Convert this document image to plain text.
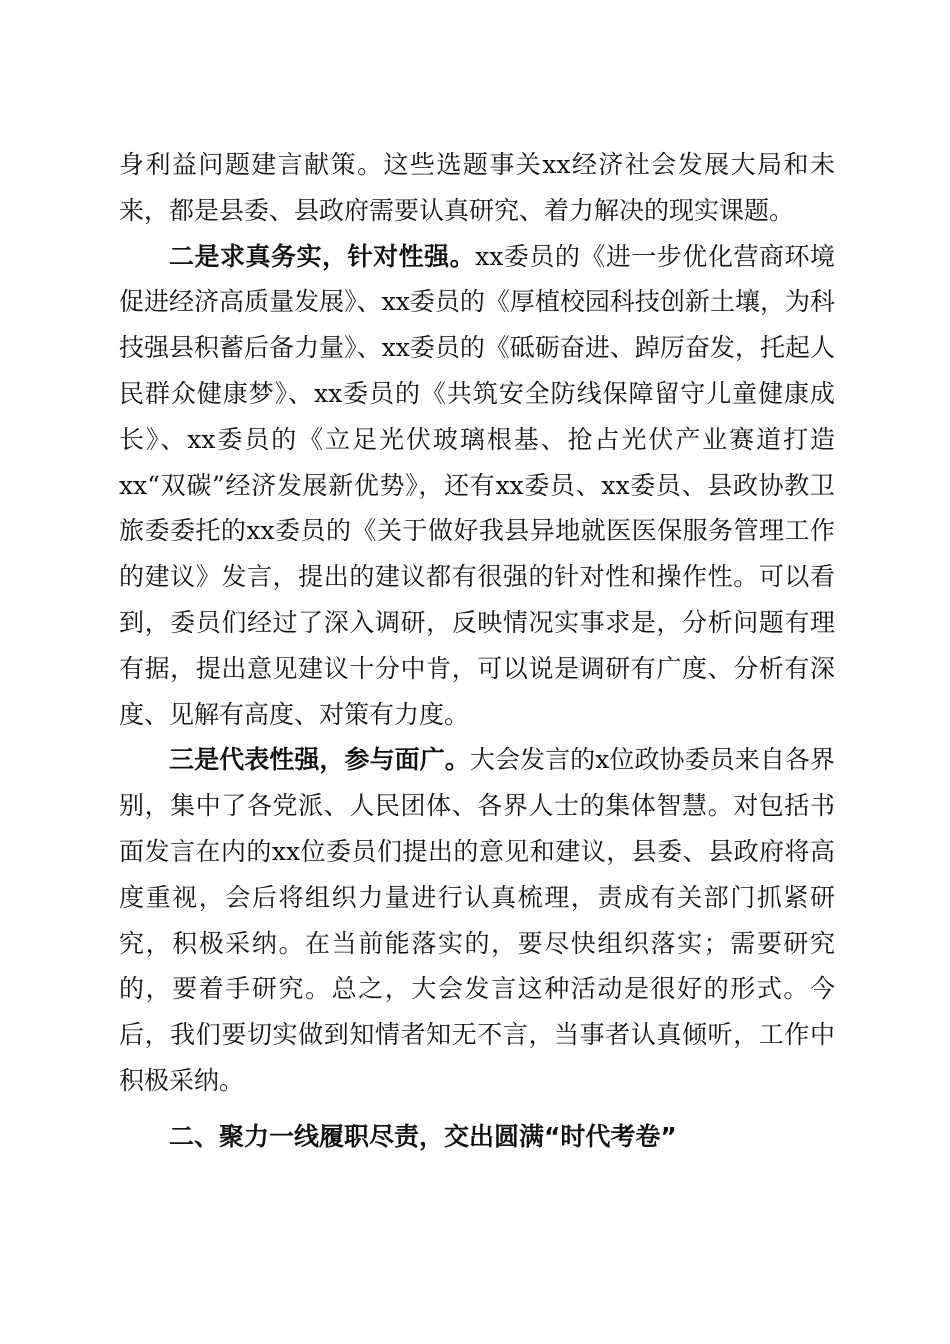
身利益问题建言献策。这些选题事关xx经济社会发展大局和未来，都是县委、县政府需要认真研究、着力解决的现实课题。

二是求真务实，针对性强。xx委员的《进一步优化营商环境促进经济高质量发展》、xx委员的《厚植校园科技创新土壤，为科技强县积蓄后备力量》、xx委员的《砥砺奋进、踔厉奋发，托起人民群众健康梦》、xx委员的《共筑安全防线保障留守儿童健康成长》、xx委员的《立足光伏玻璃根基、抢占光伏产业赛道打造xx“双碳”经济发展新优势》，还有xx委员、xx委员、县政协教卫旅委委托的xx委员的《关于做好我县异地就医医保服务管理工作的建议》发言，提出的建议都有很强的针对性和操作性。可以看到，委员们经过了深入调研，反映情况实事求是，分析问题有理有据，提出意见建议十分中肯，可以说是调研有广度、分析有深度、见解有高度、对策有力度。

三是代表性强，参与面广。大会发言的x位政协委员来自各界别，集中了各党派、人民团体、各界人士的集体智慧。对包括书面发言在内的xx位委员们提出的意见和建议，县委、县政府将高度重视，会后将组织力量进行认真梳理，责成有关部门抓紧研究，积极采纳。在当前能落实的，要尽快组织落实；需要研究的，要着手研究。总之，大会发言这种活动是很好的形式。今后，我们要切实做到知情者知无不言，当事者认真倾听，工作中积极采纳。

二、聚力一线履职尽责，交出圆满“时代考卷”
